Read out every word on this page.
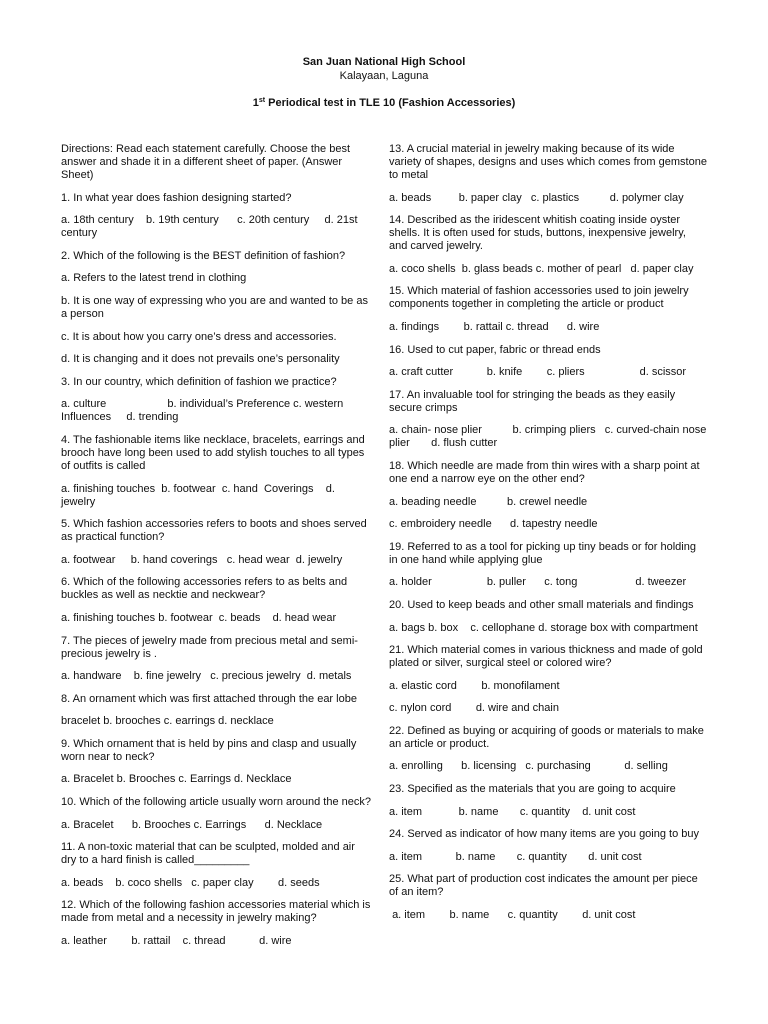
San Juan National High School
Kalayaan, Laguna
1st Periodical test in TLE 10 (Fashion Accessories)

Directions: Read each statement carefully. Choose the best answer and shade it in a different sheet of paper. (Answer Sheet)

1. In what year does fashion designing started?

a. 18th century    b. 19th century      c. 20th century     d. 21st century

2. Which of the following is the BEST definition of fashion?

a. Refers to the latest trend in clothing

b. It is one way of expressing who you are and wanted to be as a person

c. It is about how you carry one’s dress and accessories.

d. It is changing and it does not prevails one’s personality

3. In our country, which definition of fashion we practice?

a. culture                    b. individual’s Preference c. western Influences     d. trending

4. The fashionable items like necklace, bracelets, earrings and brooch have long been used to add stylish touches to all types of outfits is called

a. finishing touches  b. footwear  c. hand  Coverings    d. jewelry

5. Which fashion accessories refers to boots and shoes served as practical function?

a. footwear     b. hand coverings   c. head wear  d. jewelry

6. Which of the following accessories refers to as belts and buckles as well as necktie and neckwear?

a. finishing touches b. footwear  c. beads    d. head wear

7. The pieces of jewelry made from precious metal and semi-precious jewelry is .

a. handware    b. fine jewelry   c. precious jewelry  d. metals

8. An ornament which was first attached through the ear lobe

bracelet b. brooches c. earrings d. necklace

9. Which ornament that is held by pins and clasp and usually worn near to neck?

a. Bracelet b. Brooches c. Earrings d. Necklace

10. Which of the following article usually worn around the neck?

a. Bracelet      b. Brooches c. Earrings      d. Necklace

11. A non-toxic material that can be sculpted, molded and air dry to a hard finish is called_________

a. beads    b. coco shells   c. paper clay        d. seeds

12. Which of the following fashion accessories material which is made from metal and a necessity in jewelry making?

a. leather        b. rattail    c. thread           d. wire

13. A crucial material in jewelry making because of its wide variety of shapes, designs and uses which comes from gemstone to metal

a. beads         b. paper clay   c. plastics          d. polymer clay

14. Described as the iridescent whitish coating inside oyster shells. It is often used for studs, buttons, inexpensive jewelry, and carved jewelry.

a. coco shells  b. glass beads c. mother of pearl   d. paper clay

15. Which material of fashion accessories used to join jewelry components together in completing the article or product

a. findings        b. rattail c. thread      d. wire

16. Used to cut paper, fabric or thread ends

a. craft cutter           b. knife        c. pliers                  d. scissor

17. An invaluable tool for stringing the beads as they easily secure crimps

a. chain- nose plier          b. crimping pliers   c. curved-chain nose plier       d. flush cutter

18. Which needle are made from thin wires with a sharp point at one end a narrow eye on the other end?

a. beading needle          b. crewel needle

c. embroidery needle      d. tapestry needle

19. Referred to as a tool for picking up tiny beads or for holding in one hand while applying glue

a. holder                  b. puller      c. tong                   d. tweezer

20. Used to keep beads and other small materials and findings

a. bags b. box    c. cellophane d. storage box with compartment

21. Which material comes in various thickness and made of gold plated or silver, surgical steel or colored wire?

a. elastic cord        b. monofilament

c. nylon cord        d. wire and chain

22. Defined as buying or acquiring of goods or materials to make an article or product.

a. enrolling      b. licensing   c. purchasing           d. selling

23. Specified as the materials that you are going to acquire

a. item            b. name       c. quantity    d. unit cost

24. Served as indicator of how many items are you going to buy

a. item           b. name       c. quantity       d. unit cost

25. What part of production cost indicates the amount per piece of an item?

a. item        b. name      c. quantity        d. unit cost
